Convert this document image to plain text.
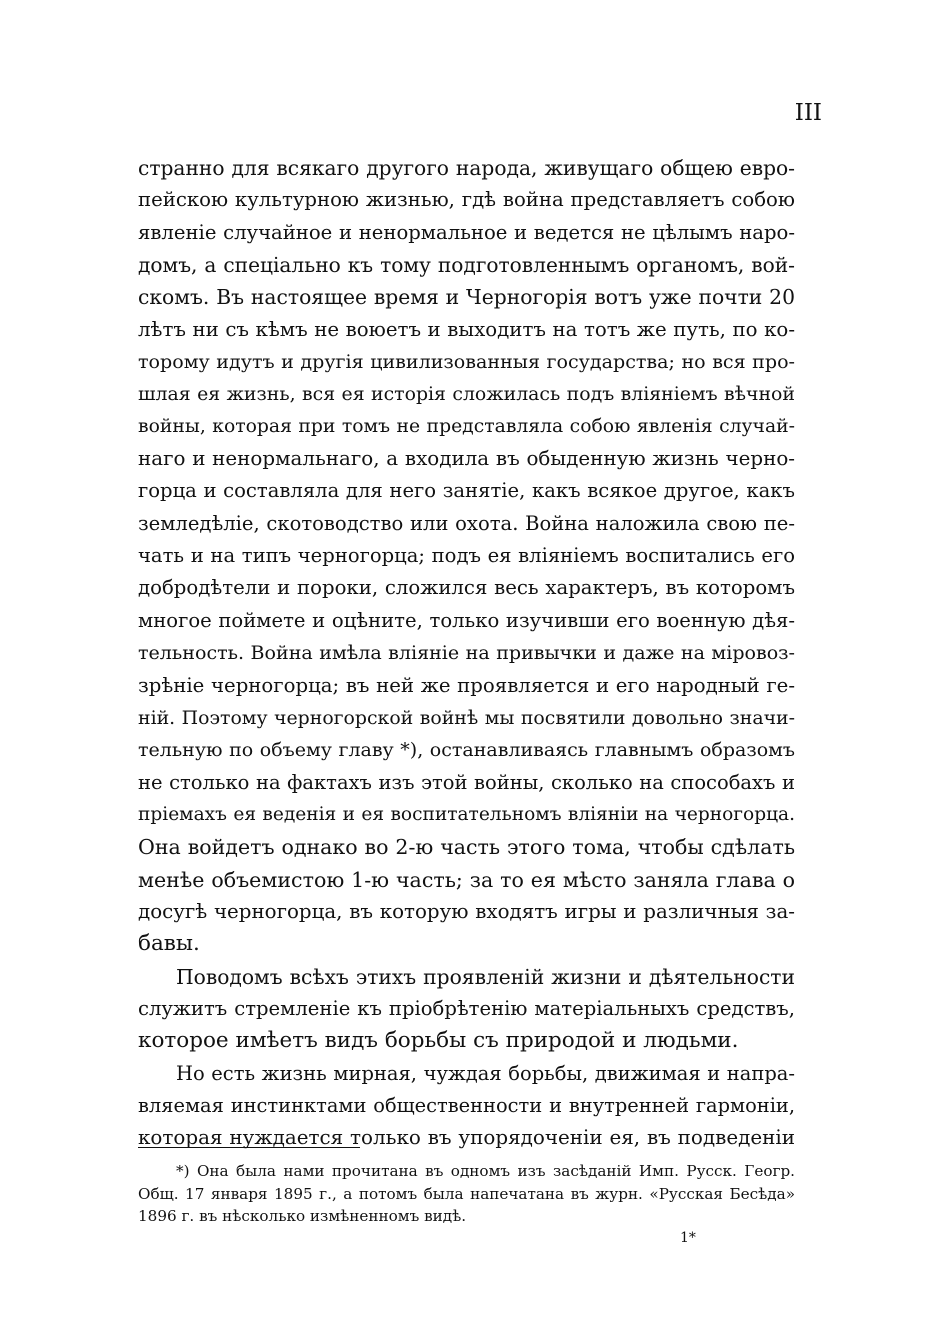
III
странно для всякаго другого народа, живущаго общею евро-
пейскою культурною жизнью, гдѣ война представляетъ собою
явленіе случайное и ненормальное и ведется не цѣлымъ наро-
домъ, а спеціально къ тому подготовленнымъ органомъ, вой-
скомъ. Въ настоящее время и Черногорія вотъ уже почти 20
лѣтъ ни съ кѣмъ не воюетъ и выходитъ на тотъ же путь, по ко-
торому идутъ и другія цивилизованныя государства; но вся про-
шлая ея жизнь, вся ея исторія сложилась подъ вліяніемъ вѣчной
войны, которая при томъ не представляла собою явленія случай-
наго и ненормальнаго, а входила въ обыденную жизнь черно-
горца и составляла для него занятіе, какъ всякое другое, какъ
земледѣліе, скотоводство или охота. Война наложила свою пе-
чать и на типъ черногорца; подъ ея вліяніемъ воспитались его
добродѣтели и пороки, сложился весь характеръ, въ которомъ
многое поймете и оцѣните, только изучивши его военную дѣя-
тельность. Война имѣла вліяніе на привычки и даже на міровоз-
зрѣніе черногорца; въ ней же проявляется и его народный ге-
ній. Поэтому черногорской войнѣ мы посвятили довольно значи-
тельную по объему главу *), останавливаясь главнымъ образомъ
не столько на фактахъ изъ этой войны, сколько на способахъ и
пріемахъ ея веденія и ея воспитательномъ вліяніи на черногорца.
Она войдетъ однако во 2-ю часть этого тома, чтобы сдѣлать
менѣе объемистою 1-ю часть; за то ея мѣсто заняла глава о
досугѣ черногорца, въ которую входятъ игры и различныя за-
бавы.
Поводомъ всѣхъ этихъ проявленій жизни и дѣятельности
служитъ стремленіе къ пріобрѣтенію матеріальныхъ средствъ,
которое имѣетъ видъ борьбы съ природой и людьми.
Но есть жизнь мирная, чуждая борьбы, движимая и напра-
вляемая инстинктами общественности и внутренней гармоніи,
которая нуждается только въ упорядоченіи ея, въ подведеніи
*) Она была нами прочитана въ одномъ изъ засѣданій Имп. Русск. Геогр.
Общ. 17 января 1895 г., а потомъ была напечатана въ журн. «Русская Бесѣда»
1896 г. въ нѣсколько измѣненномъ видѣ.
1*
